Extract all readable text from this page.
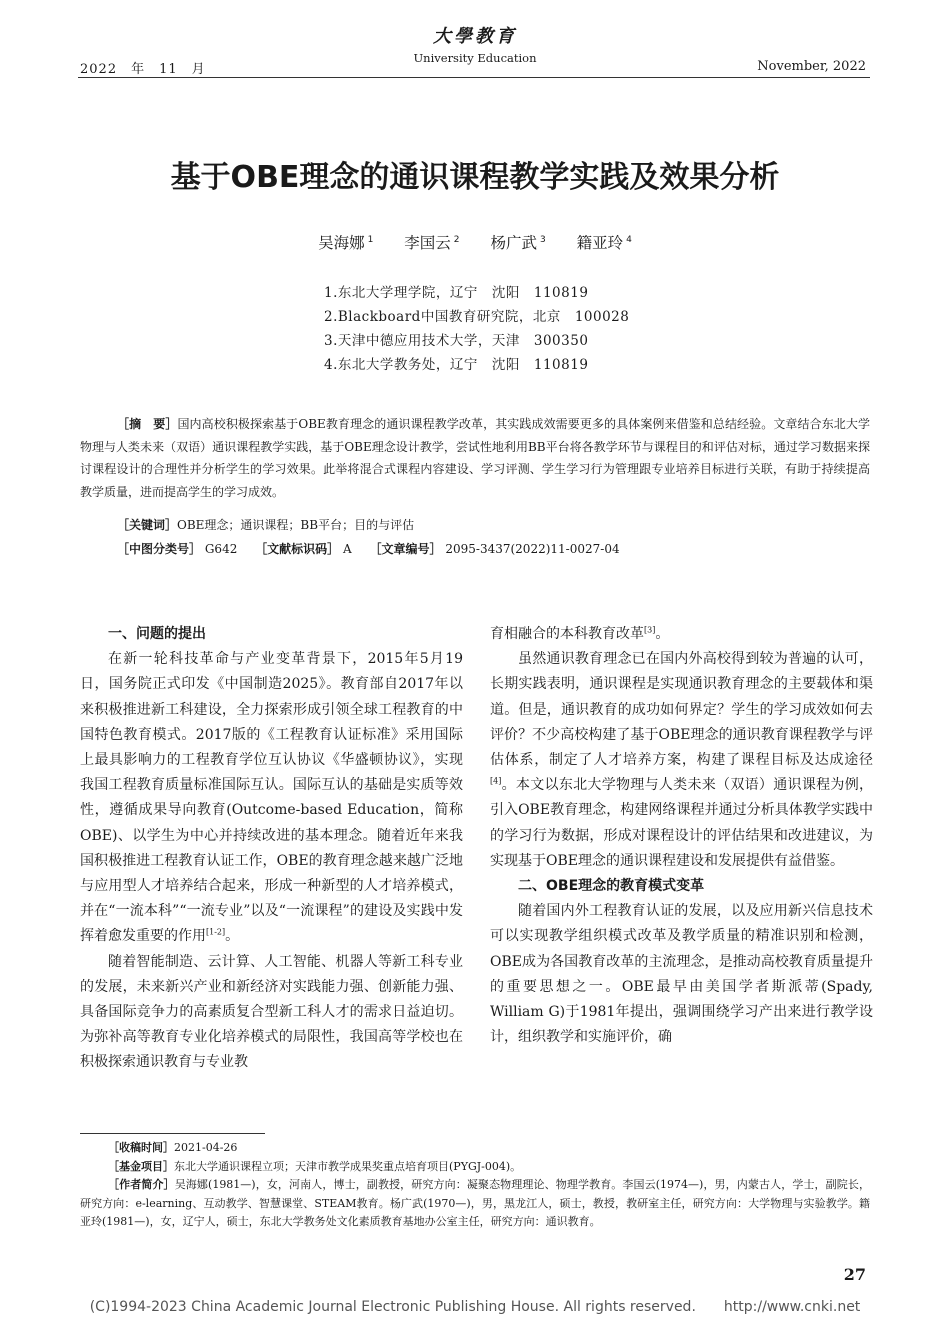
2022　年　11　月
大學教育
University Education
November, 2022
基于OBE理念的通识课程教学实践及效果分析
吴海娜 $^1$ 李国云 $^2$ 杨广武 $^3$ 籍亚玲 $^4$
1.东北大学理学院，辽宁　沈阳　110819
2.Blackboard中国教育研究院，北京　100028
3.天津中德应用技术大学，天津　300350
4.东北大学教务处，辽宁　沈阳　110819

［摘　要］国内高校积极探索基于OBE教育理念的通识课程教学改革，其实践成效需要更多的具体案例来借鉴和总结经验。文章结合东北大学物理与人类未来（双语）通识课程教学实践，基于OBE理念设计教学，尝试性地利用BB平台将各教学环节与课程目的和评估对标，通过学习数据来探讨课程设计的合理性并分析学生的学习效果。此举将混合式课程内容建设、学习评测、学生学习行为管理跟专业培养目标进行关联，有助于持续提高教学质量，进而提高学生的学习成效。

［关键词］OBE理念；通识课程；BB平台；目的与评估
［中图分类号］ G642 ［文献标识码］ A ［文章编号］ 2095-3437(2022)11-0027-04
一、问题的提出

在新一轮科技革命与产业变革背景下，2015年5月19日，国务院正式印发《中国制造2025》。教育部自2017年以来积极推进新工科建设，全力探索形成引领全球工程教育的中国特色教育模式。2017版的《工程教育认证标准》采用国际上最具影响力的工程教育学位互认协议《华盛顿协议》，实现我国工程教育质量标准国际互认。国际互认的基础是实质等效性，遵循成果导向教育(Outcome-based Education，简称OBE)、以学生为中心并持续改进的基本理念。随着近年来我国积极推进工程教育认证工作，OBE的教育理念越来越广泛地与应用型人才培养结合起来，形成一种新型的人才培养模式，并在“一流本科”“一流专业”以及“一流课程”的建设及实践中发挥着愈发重要的作用[1-2]。

随着智能制造、云计算、人工智能、机器人等新工科专业的发展，未来新兴产业和新经济对实践能力强、创新能力强、具备国际竞争力的高素质复合型新工科人才的需求日益迫切。为弥补高等教育专业化培养模式的局限性，我国高等学校也在积极探索通识教育与专业教

育相融合的本科教育改革[3]。

虽然通识教育理念已在国内外高校得到较为普遍的认可，长期实践表明，通识课程是实现通识教育理念的主要载体和渠道。但是，通识教育的成功如何界定？学生的学习成效如何去评价？不少高校构建了基于OBE理念的通识教育课程教学与评估体系，制定了人才培养方案，构建了课程目标及达成途径[4]。本文以东北大学物理与人类未来（双语）通识课程为例，引入OBE教育理念，构建网络课程并通过分析具体教学实践中的学习行为数据，形成对课程设计的评估结果和改进建议，为实现基于OBE理念的通识课程建设和发展提供有益借鉴。

二、OBE理念的教育模式变革

随着国内外工程教育认证的发展，以及应用新兴信息技术可以实现教学组织模式改革及教学质量的精准识别和检测，OBE成为各国教育改革的主流理念，是推动高校教育质量提升的重要思想之一。OBE最早由美国学者斯派蒂(Spady, William G)于1981年提出，强调围绕学习产出来进行教学设计，组织教学和实施评价，确

［收稿时间］2021-04-26

［基金项目］东北大学通识课程立项；天津市教学成果奖重点培育项目(PYGJ-004)。

［作者简介］吴海娜(1981—)，女，河南人，博士，副教授，研究方向：凝聚态物理理论、物理学教育。李国云(1974—)，男，内蒙古人，学士，副院长，研究方向：e-learning、互动教学、智慧课堂、STEAM教育。杨广武(1970—)，男，黑龙江人，硕士，教授，教研室主任，研究方向：大学物理与实验教学。籍亚玲(1981—)，女，辽宁人，硕士，东北大学教务处文化素质教育基地办公室主任，研究方向：通识教育。

27
(C)1994-2023 China Academic Journal Electronic Publishing House. All rights reserved.　　http://www.cnki.net
